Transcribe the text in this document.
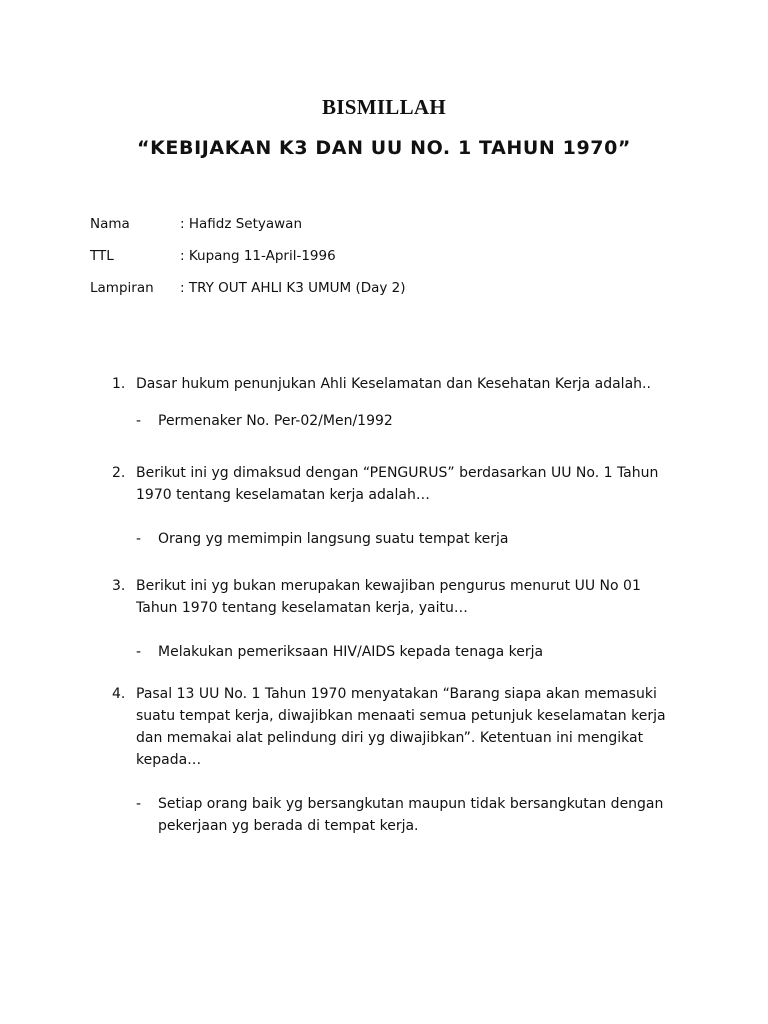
BISMILLAH
“KEBIJAKAN K3 DAN UU NO. 1 TAHUN 1970”
Nama	: Hafidz Setyawan
TTL	: Kupang 11-April-1996
Lampiran	: TRY OUT AHLI K3 UMUM (Day 2)
1. Dasar hukum penunjukan Ahli Keselamatan dan Kesehatan Kerja adalah..
-	Permenaker No. Per-02/Men/1992
2. Berikut ini yg dimaksud dengan “PENGURUS” berdasarkan UU No. 1 Tahun 1970 tentang keselamatan kerja adalah…
-	Orang yg memimpin langsung suatu tempat kerja
3. Berikut ini yg bukan merupakan kewajiban pengurus menurut UU No 01 Tahun 1970 tentang keselamatan kerja, yaitu…
-	Melakukan pemeriksaan HIV/AIDS kepada tenaga kerja
4. Pasal 13 UU No. 1 Tahun 1970 menyatakan “Barang siapa akan memasuki suatu tempat kerja, diwajibkan menaati semua petunjuk keselamatan kerja dan memakai alat pelindung diri yg diwajibkan”. Ketentuan ini mengikat kepada…
-	Setiap orang baik yg bersangkutan maupun tidak bersangkutan dengan pekerjaan yg berada di tempat kerja.
